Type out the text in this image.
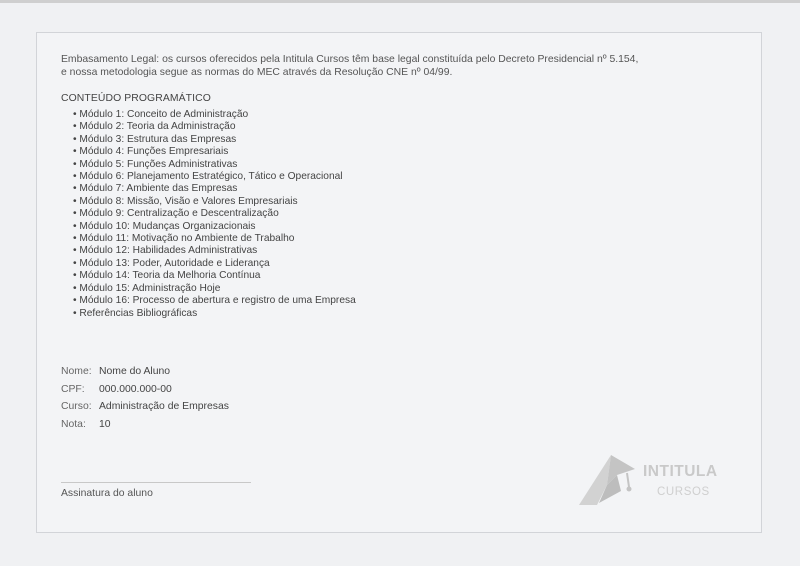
Embasamento Legal: os cursos oferecidos pela Intitula Cursos têm base legal constituída pelo Decreto Presidencial nº 5.154,
e nossa metodologia segue as normas do MEC através da Resolução CNE nº 04/99.

CONTEÚDO PROGRAMÁTICO
• Módulo 1: Conceito de Administração
• Módulo 2: Teoria da Administração
• Módulo 3: Estrutura das Empresas
• Módulo 4: Funções Empresariais
• Módulo 5: Funções Administrativas
• Módulo 6: Planejamento Estratégico, Tático e Operacional
• Módulo 7: Ambiente das Empresas
• Módulo 8: Missão, Visão e Valores Empresariais
• Módulo 9: Centralização e Descentralização
• Módulo 10: Mudanças Organizacionais
• Módulo 11: Motivação no Ambiente de Trabalho
• Módulo 12: Habilidades Administrativas
• Módulo 13: Poder, Autoridade e Liderança
• Módulo 14: Teoria da Melhoria Contínua
• Módulo 15: Administração Hoje
• Módulo 16: Processo de abertura e registro de uma Empresa
• Referências Bibliográficas
Nome: Nome do Aluno
CPF:	000.000.000-00
Curso: Administração de Empresas
Nota:	10
Assinatura do aluno
INTITULA
CURSOS
